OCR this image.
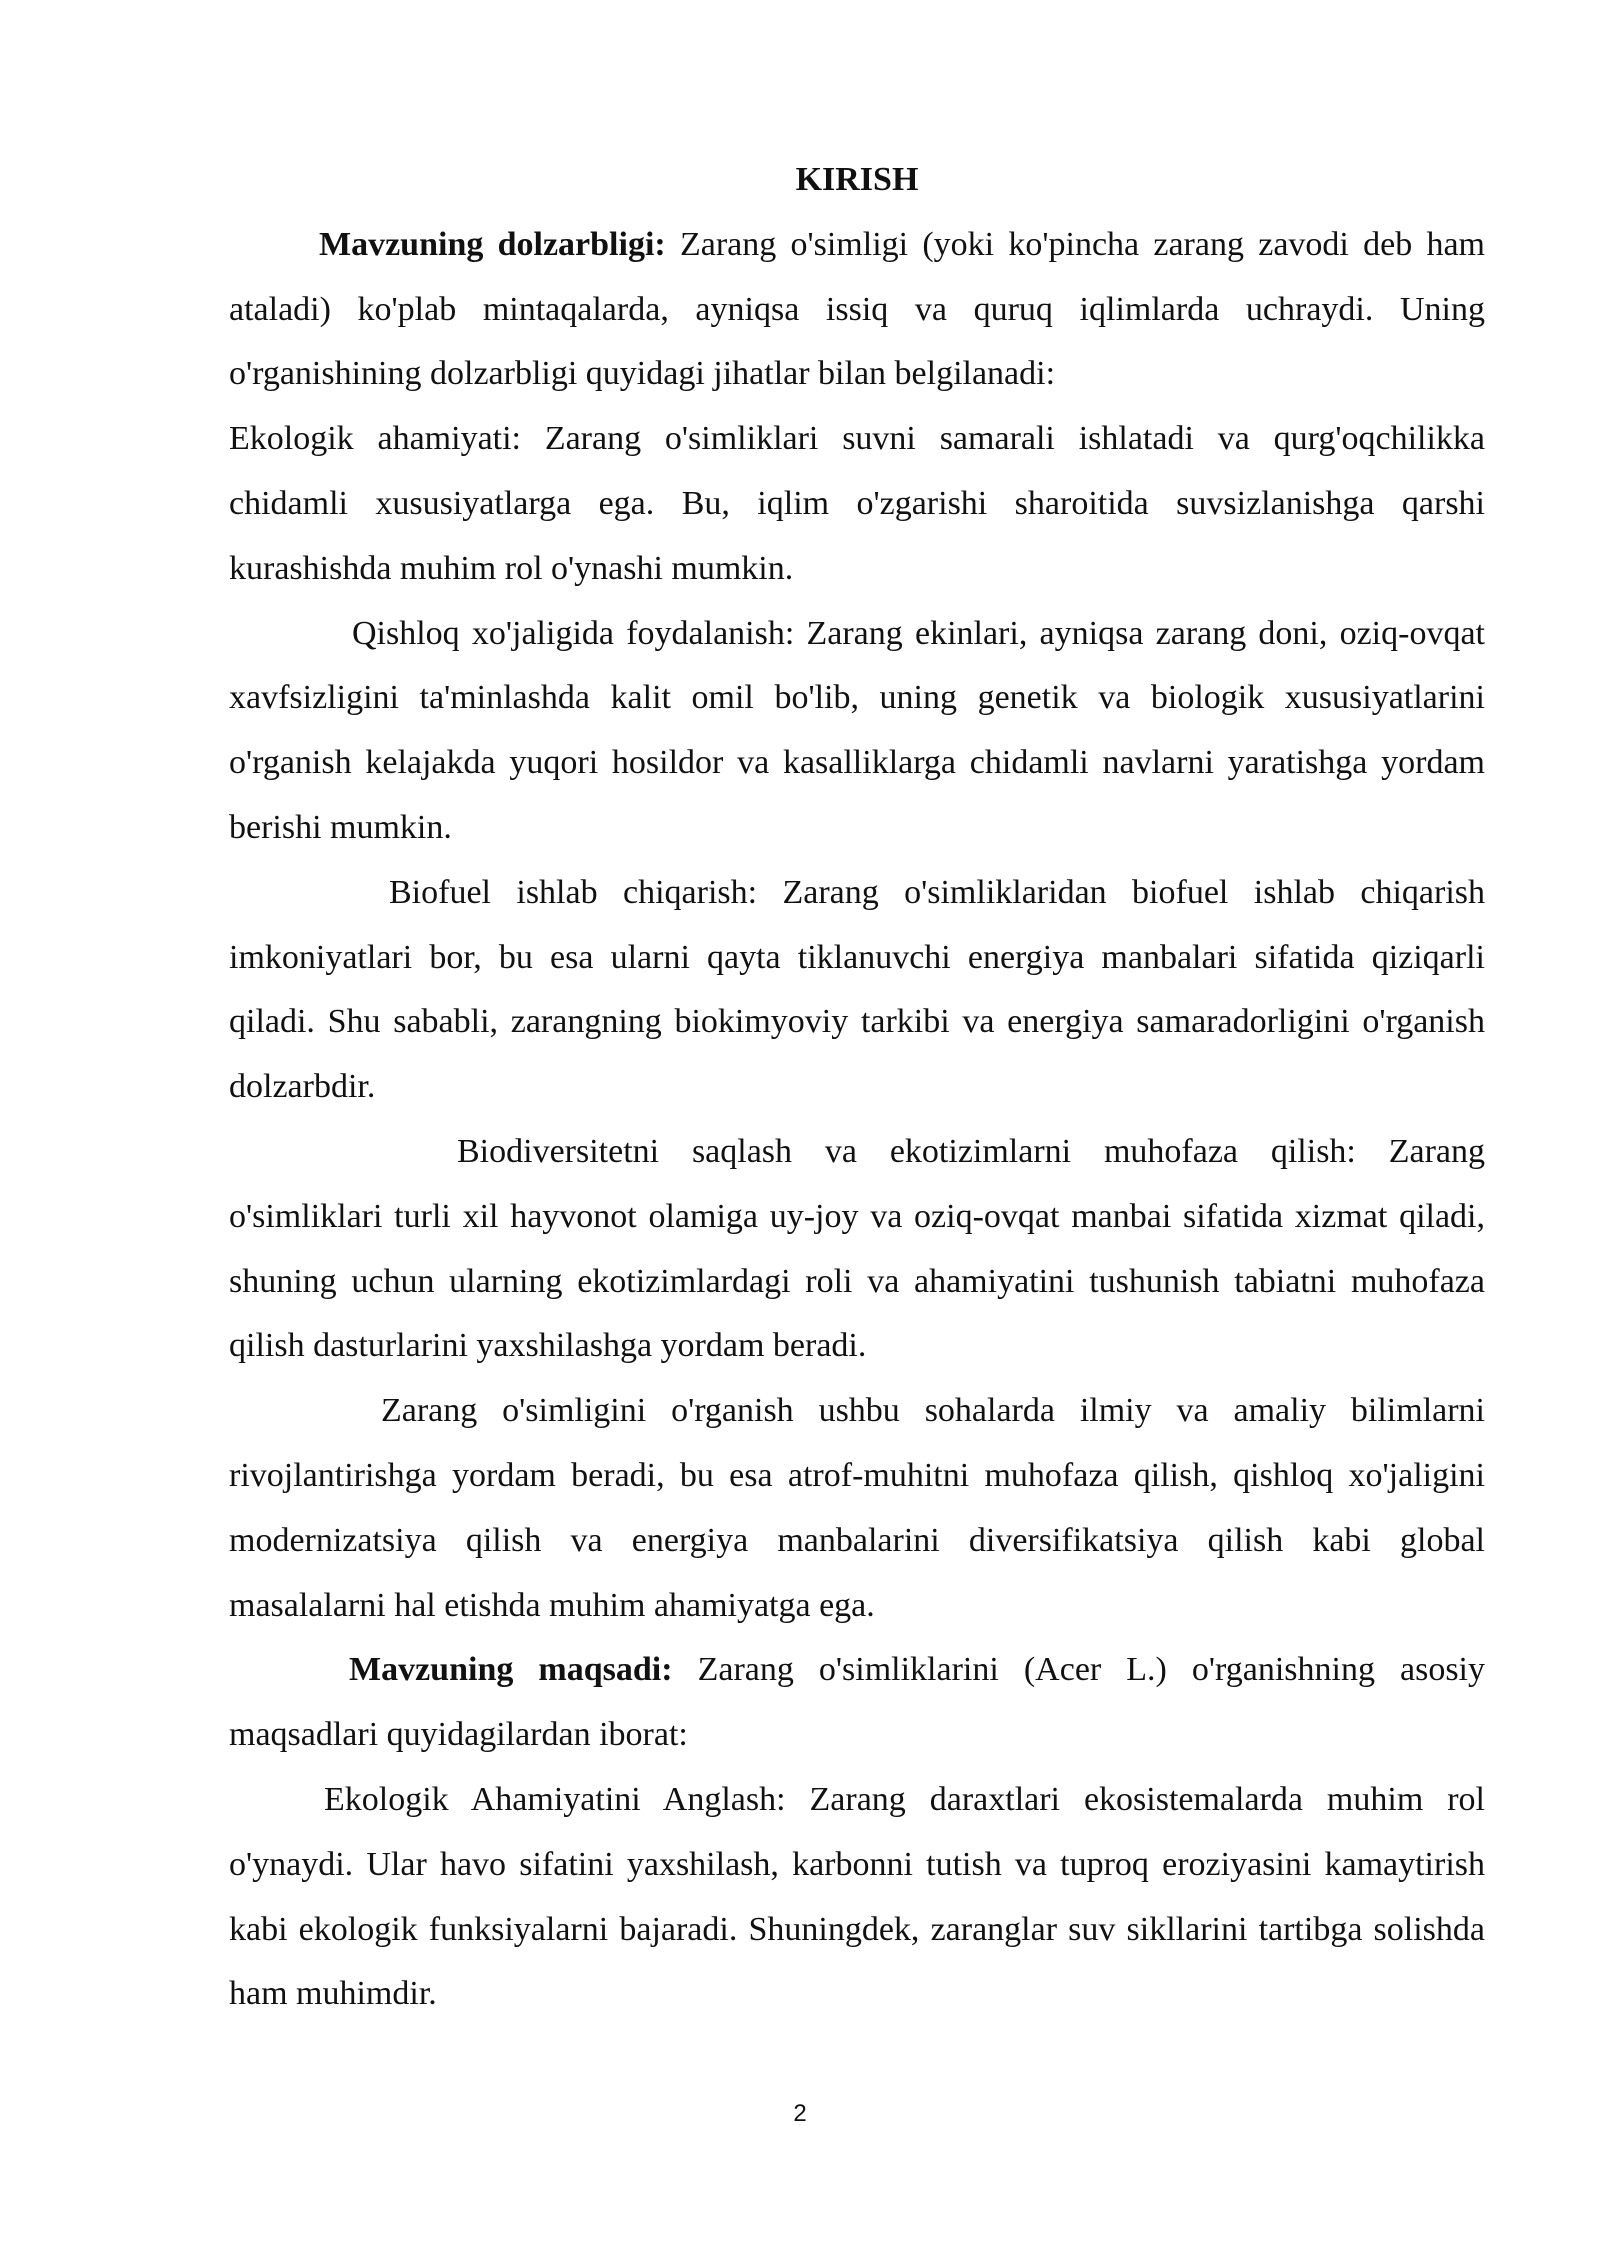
KIRISH

Mavzuning dolzarbligi: Zarang o'simligi (yoki ko'pincha zarang zavodi deb ham ataladi) ko'plab mintaqalarda, ayniqsa issiq va quruq iqlimlarda uchraydi. Uning o'rganishining dolzarbligi quyidagi jihatlar bilan belgilanadi:

Ekologik ahamiyati: Zarang o'simliklari suvni samarali ishlatadi va qurg'oqchilikka chidamli xususiyatlarga ega. Bu, iqlim o'zgarishi sharoitida suvsizlanishga qarshi kurashishda muhim rol o'ynashi mumkin.

Qishloq xo'jaligida foydalanish: Zarang ekinlari, ayniqsa zarang doni, oziq-ovqat xavfsizligini ta'minlashda kalit omil bo'lib, uning genetik va biologik xususiyatlarini o'rganish kelajakda yuqori hosildor va kasalliklarga chidamli navlarni yaratishga yordam berishi mumkin.

Biofuel ishlab chiqarish: Zarang o'simliklaridan biofuel ishlab chiqarish imkoniyatlari bor, bu esa ularni qayta tiklanuvchi energiya manbalari sifatida qiziqarli qiladi. Shu sababli, zarangning biokimyoviy tarkibi va energiya samaradorligini o'rganish dolzarbdir.

Biodiversitetni saqlash va ekotizimlarni muhofaza qilish: Zarang o'simliklari turli xil hayvonot olamiga uy-joy va oziq-ovqat manbai sifatida xizmat qiladi, shuning uchun ularning ekotizimlardagi roli va ahamiyatini tushunish tabiatni muhofaza qilish dasturlarini yaxshilashga yordam beradi.

Zarang o'simligini o'rganish ushbu sohalarda ilmiy va amaliy bilimlarni rivojlantirishga yordam beradi, bu esa atrof-muhitni muhofaza qilish, qishloq xo'jaligini modernizatsiya qilish va energiya manbalarini diversifikatsiya qilish kabi global masalalarni hal etishda muhim ahamiyatga ega.

Mavzuning maqsadi: Zarang o'simliklarini (Acer L.) o'rganishning asosiy maqsadlari quyidagilardan iborat:

Ekologik Ahamiyatini Anglash: Zarang daraxtlari ekosistemalarda muhim rol o'ynaydi. Ular havo sifatini yaxshilash, karbonni tutish va tuproq eroziyasini kamaytirish kabi ekologik funksiyalarni bajaradi. Shuningdek, zaranglar suv sikllarini tartibga solishda ham muhimdir.

2
